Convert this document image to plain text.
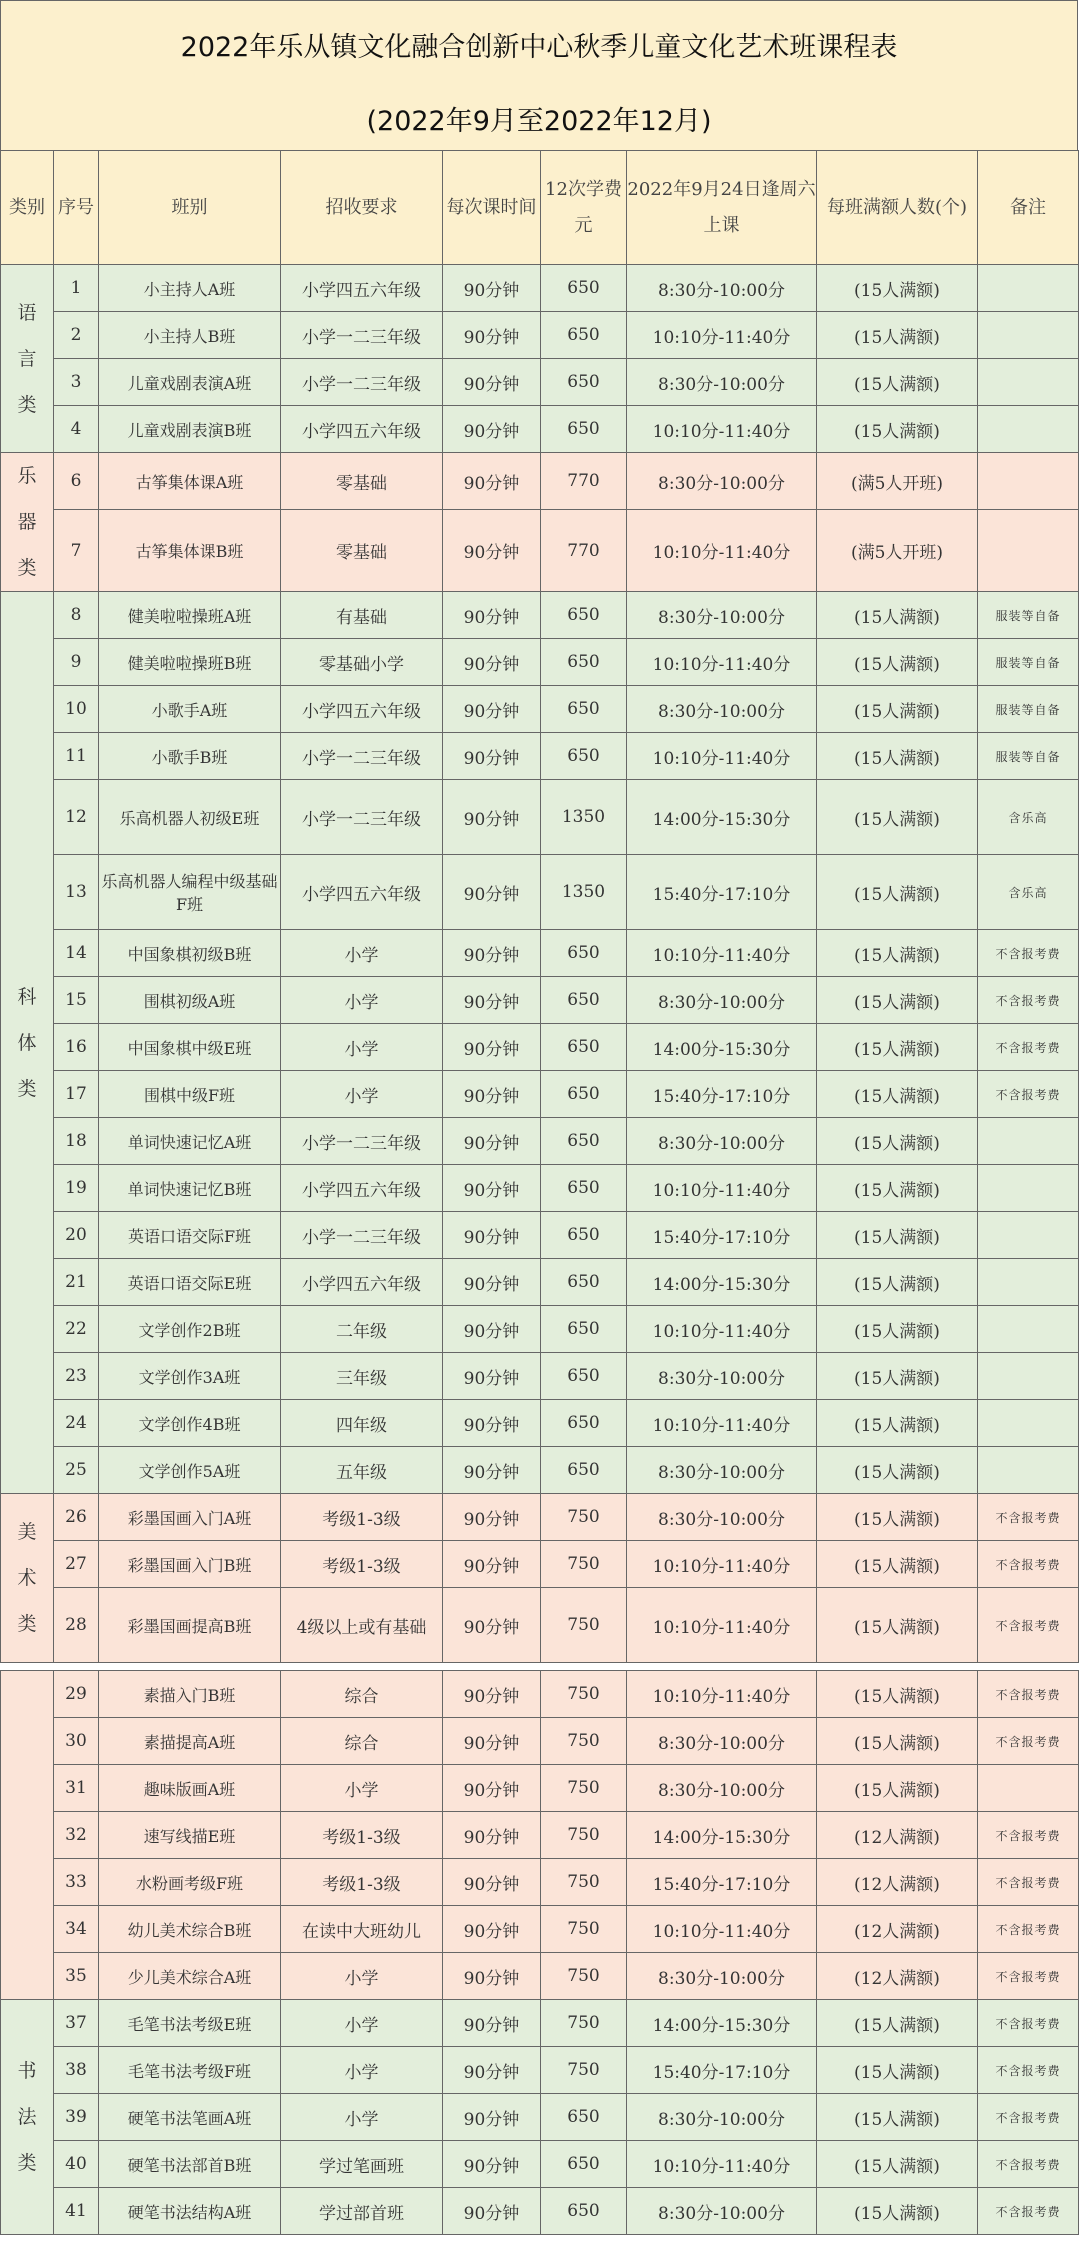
2022年乐从镇文化融合创新中心秋季儿童文化艺术班课程表
(2022年9月至2022年12月)
类别	序号	班别	招收要求	每次课时间	12次学费元	2022年9月24日逢周六上课	每班满额人数(个)	备注

语言类	1	小主持人A班	小学四五六年级	90分钟	650	8:30分-10:00分	(15人满额)	
	2	小主持人B班	小学一二三年级	90分钟	650	10:10分-11:40分	(15人满额)	
	3	儿童戏剧表演A班	小学一二三年级	90分钟	650	8:30分-10:00分	(15人满额)	
	4	儿童戏剧表演B班	小学四五六年级	90分钟	650	10:10分-11:40分	(15人满额)	

乐器类	6	古筝集体课A班	零基础	90分钟	770	8:30分-10:00分	(满5人开班)	
	7	古筝集体课B班	零基础	90分钟	770	10:10分-11:40分	(满5人开班)	

科体类	8	健美啦啦操班A班	有基础	90分钟	650	8:30分-10:00分	(15人满额)	服装等自备
	9	健美啦啦操班B班	零基础小学	90分钟	650	10:10分-11:40分	(15人满额)	服装等自备
	10	小歌手A班	小学四五六年级	90分钟	650	8:30分-10:00分	(15人满额)	服装等自备
	11	小歌手B班	小学一二三年级	90分钟	650	10:10分-11:40分	(15人满额)	服装等自备
	12	乐高机器人初级E班	小学一二三年级	90分钟	1350	14:00分-15:30分	(15人满额)	含乐高
	13	乐高机器人编程中级基础F班	小学四五六年级	90分钟	1350	15:40分-17:10分	(15人满额)	含乐高
	14	中国象棋初级B班	小学	90分钟	650	10:10分-11:40分	(15人满额)	不含报考费
	15	围棋初级A班	小学	90分钟	650	8:30分-10:00分	(15人满额)	不含报考费
	16	中国象棋中级E班	小学	90分钟	650	14:00分-15:30分	(15人满额)	不含报考费
	17	围棋中级F班	小学	90分钟	650	15:40分-17:10分	(15人满额)	不含报考费
	18	单词快速记忆A班	小学一二三年级	90分钟	650	8:30分-10:00分	(15人满额)	
	19	单词快速记忆B班	小学四五六年级	90分钟	650	10:10分-11:40分	(15人满额)	
	20	英语口语交际F班	小学一二三年级	90分钟	650	15:40分-17:10分	(15人满额)	
	21	英语口语交际E班	小学四五六年级	90分钟	650	14:00分-15:30分	(15人满额)	
	22	文学创作2B班	二年级	90分钟	650	10:10分-11:40分	(15人满额)	
	23	文学创作3A班	三年级	90分钟	650	8:30分-10:00分	(15人满额)	
	24	文学创作4B班	四年级	90分钟	650	10:10分-11:40分	(15人满额)	
	25	文学创作5A班	五年级	90分钟	650	8:30分-10:00分	(15人满额)	

美术类	26	彩墨国画入门A班	考级1-3级	90分钟	750	8:30分-10:00分	(15人满额)	不含报考费
	27	彩墨国画入门B班	考级1-3级	90分钟	750	10:10分-11:40分	(15人满额)	不含报考费
	28	彩墨国画提高B班	4级以上或有基础	90分钟	750	10:10分-11:40分	(15人满额)	不含报考费
	29	素描入门B班	综合	90分钟	750	10:10分-11:40分	(15人满额)	不含报考费
	30	素描提高A班	综合	90分钟	750	8:30分-10:00分	(15人满额)	不含报考费
	31	趣味版画A班	小学	90分钟	750	8:30分-10:00分	(15人满额)	
	32	速写线描E班	考级1-3级	90分钟	750	14:00分-15:30分	(12人满额)	不含报考费
	33	水粉画考级F班	考级1-3级	90分钟	750	15:40分-17:10分	(12人满额)	不含报考费
	34	幼儿美术综合B班	在读中大班幼儿	90分钟	750	10:10分-11:40分	(12人满额)	不含报考费
	35	少儿美术综合A班	小学	90分钟	750	8:30分-10:00分	(12人满额)	不含报考费

书法类	37	毛笔书法考级E班	小学	90分钟	750	14:00分-15:30分	(15人满额)	不含报考费
	38	毛笔书法考级F班	小学	90分钟	750	15:40分-17:10分	(15人满额)	不含报考费
	39	硬笔书法笔画A班	小学	90分钟	650	8:30分-10:00分	(15人满额)	不含报考费
	40	硬笔书法部首B班	学过笔画班	90分钟	650	10:10分-11:40分	(15人满额)	不含报考费
	41	硬笔书法结构A班	学过部首班	90分钟	650	8:30分-10:00分	(15人满额)	不含报考费
